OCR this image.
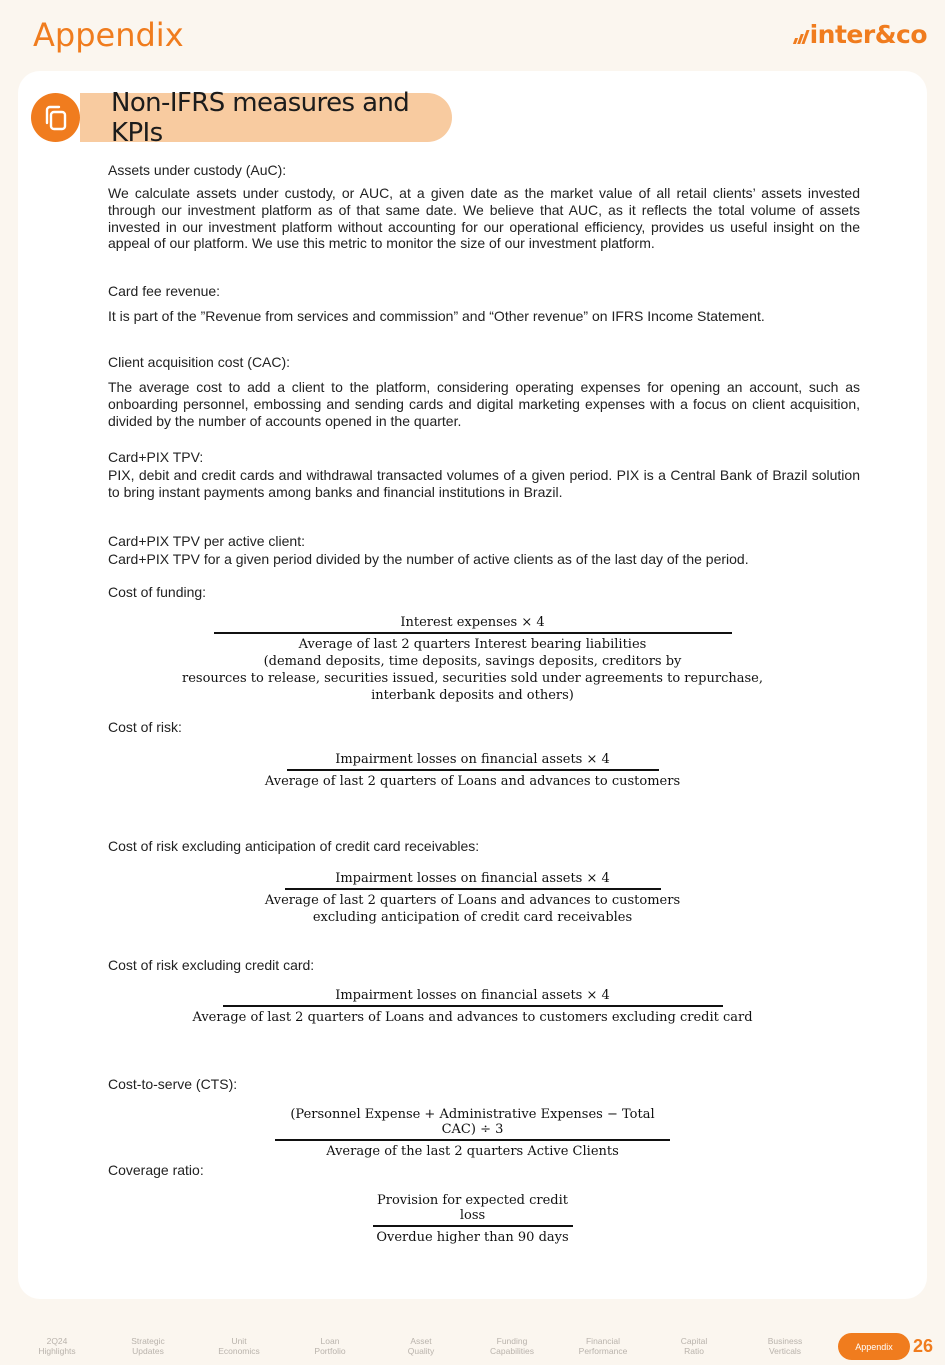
Appendix	inter&co
Non-IFRS measures and KPIs
Assets under custody (AuC):
We calculate assets under custody, or AUC, at a given date as the market value of all retail clients’ assets invested through our investment platform as of that same date. We believe that AUC, as it reflects the total volume of assets invested in our investment platform without accounting for our operational efficiency, provides us useful insight on the appeal of our platform. We use this metric to monitor the size of our investment platform.
Card fee revenue:
It is part of the ”Revenue from services and commission” and “Other revenue” on IFRS Income Statement.
Client acquisition cost (CAC):
The average cost to add a client to the platform, considering operating expenses for opening an account, such as onboarding personnel, embossing and sending cards and digital marketing expenses with a focus on client acquisition, divided by the number of accounts opened in the quarter.
Card+PIX TPV:
PIX, debit and credit cards and withdrawal transacted volumes of a given period. PIX is a Central Bank of Brazil solution to bring instant payments among banks and financial institutions in Brazil.
Card+PIX TPV per active client:
Card+PIX TPV for a given period divided by the number of active clients as of the last day of the period.
Cost of funding:
Interest expenses × 4
Average of last 2 quarters Interest bearing liabilities
(demand deposits, time deposits, savings deposits, creditors by
resources to release, securities issued, securities sold under agreements to repurchase,
interbank deposits and others)
Cost of risk:
Impairment losses on financial assets × 4
Average of last 2 quarters of Loans and advances to customers
Cost of risk excluding anticipation of credit card receivables:
Impairment losses on financial assets × 4
Average of last 2 quarters of Loans and advances to customers
excluding anticipation of credit card receivables
Cost of risk excluding credit card:
Impairment losses on financial assets × 4
Average of last 2 quarters of Loans and advances to customers excluding credit card
Cost-to-serve (CTS):
(Personnel Expense + Administrative Expenses − Total CAC) ÷ 3
Average of the last 2 quarters Active Clients
Coverage ratio:
$\frac{\text{Provision for expected credit loss}}{\text{Overdue higher than 90 days}}$
2Q24
Highlights
Strategic
Updates
Unit
Economics
Loan
Portfolio
Asset
Quality
Funding
Capabilities
Financial
Performance
Capital
Ratio
Business
Verticals	Appendix	26
